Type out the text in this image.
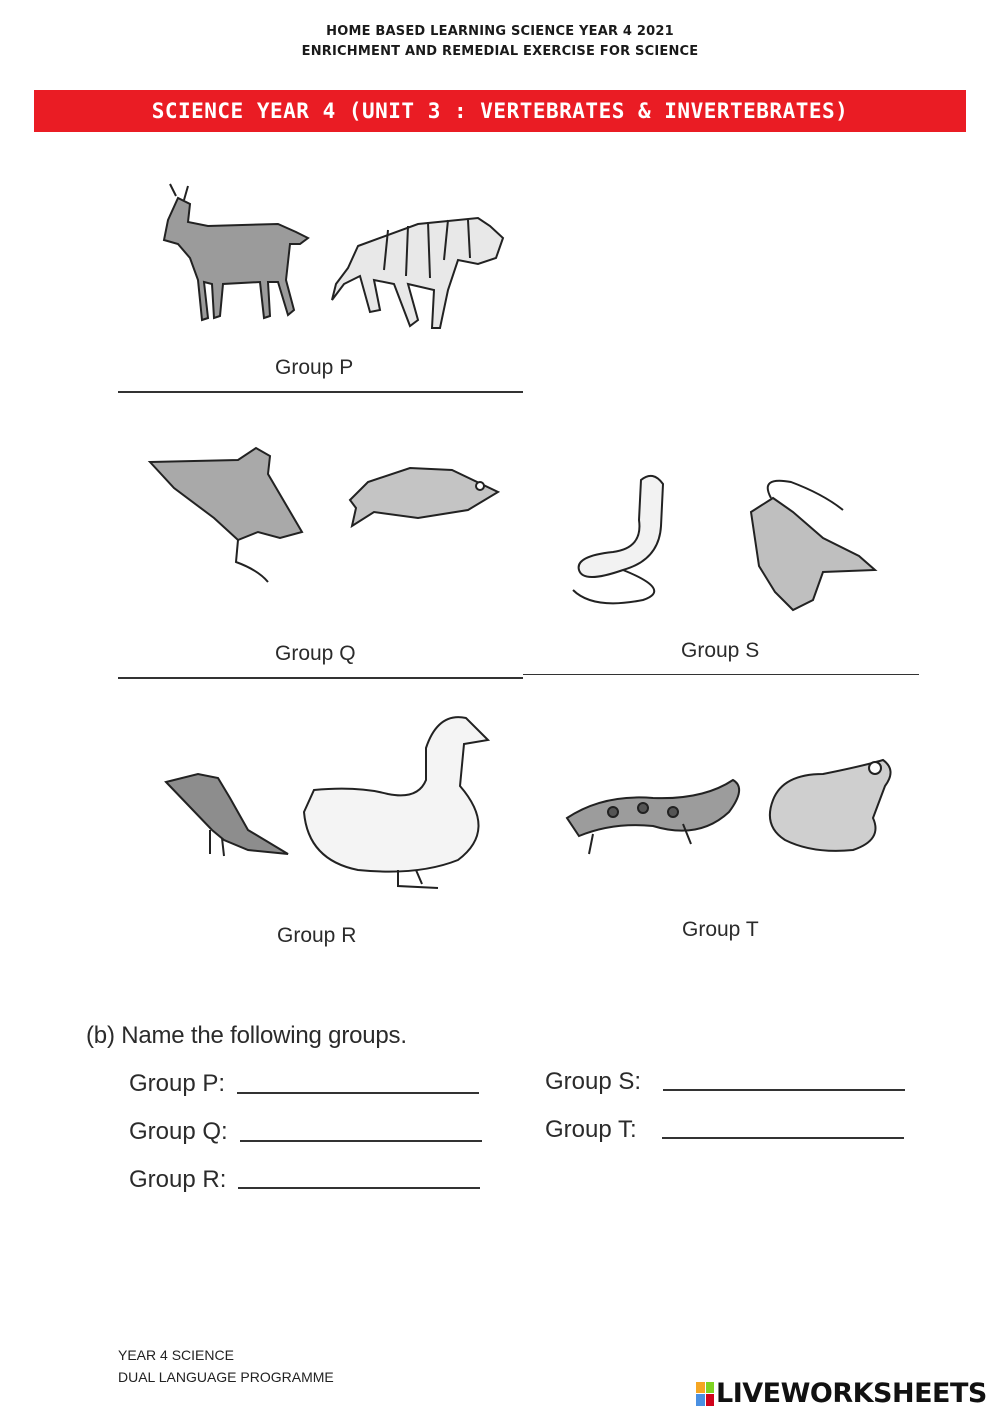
HOME BASED LEARNING SCIENCE YEAR 4 2021
ENRICHMENT AND REMEDIAL EXERCISE FOR SCIENCE
SCIENCE YEAR 4 (UNIT 3 : VERTEBRATES & INVERTEBRATES)
Group P
Group Q	Group S
Group R	Group T
(b) Name the following groups.
Group P:
Group Q:
Group R:
Group S:
Group T:
YEAR 4 SCIENCE
DUAL LANGUAGE PROGRAMME
LIVEWORKSHEETS
